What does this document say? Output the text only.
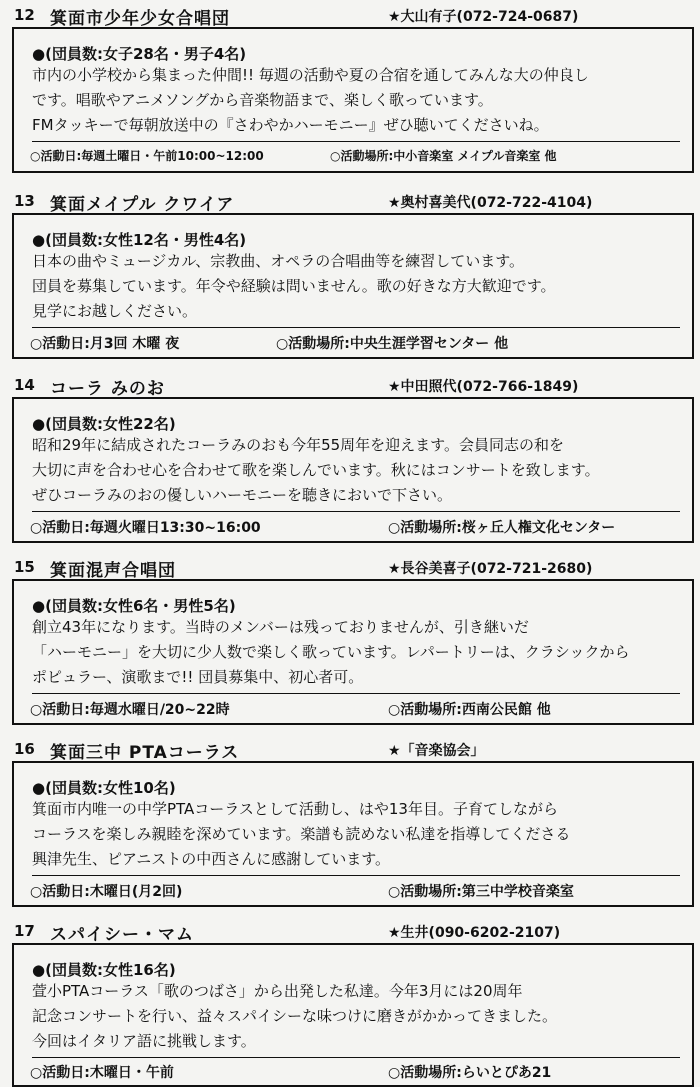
12 箕面市少年少女合唱団	★大山有子(072-724-0687)
●(団員数:女子28名・男子4名)
市内の小学校から集まった仲間!! 毎週の活動や夏の合宿を通してみんな大の仲良し
です。唱歌やアニメソングから音楽物語まで、楽しく歌っています。
FMタッキーで毎朝放送中の『さわやかハーモニー』ぜひ聴いてくださいね。
○活動日:毎週土曜日・午前10:00~12:00	○活動場所:中小音楽室 メイプル音楽室 他
13 箕面メイプル クワイア	★奥村喜美代(072-722-4104)
●(団員数:女性12名・男性4名)
日本の曲やミュージカル、宗教曲、オペラの合唱曲等を練習しています。
団員を募集しています。年令や経験は問いません。歌の好きな方大歓迎です。
見学にお越しください。
○活動日:月3回 木曜 夜	○活動場所:中央生涯学習センター 他
14 コーラ みのお	★中田照代(072-766-1849)
●(団員数:女性22名)
昭和29年に結成されたコーラみのおも今年55周年を迎えます。会員同志の和を
大切に声を合わせ心を合わせて歌を楽しんでいます。秋にはコンサートを致します。
ぜひコーラみのおの優しいハーモニーを聴きにおいで下さい。
○活動日:毎週火曜日13:30~16:00	○活動場所:桜ヶ丘人権文化センター
15 箕面混声合唱団	★長谷美喜子(072-721-2680)
●(団員数:女性6名・男性5名)
創立43年になります。当時のメンバーは残っておりませんが、引き継いだ
「ハーモニー」を大切に少人数で楽しく歌っています。レパートリーは、クラシックから
ポピュラー、演歌まで!! 団員募集中、初心者可。
○活動日:毎週水曜日/20~22時	○活動場所:西南公民館 他
16 箕面三中 PTAコーラス	★「音楽協会」
●(団員数:女性10名)
箕面市内唯一の中学PTAコーラスとして活動し、はや13年目。子育てしながら
コーラスを楽しみ親睦を深めています。楽譜も読めない私達を指導してくださる
興津先生、ピアニストの中西さんに感謝しています。
○活動日:木曜日(月2回)	○活動場所:第三中学校音楽室
17 スパイシー・マム	★生井(090-6202-2107)
●(団員数:女性16名)
萱小PTAコーラス「歌のつばさ」から出発した私達。今年3月には20周年
記念コンサートを行い、益々スパイシーな味つけに磨きがかかってきました。
今回はイタリア語に挑戦します。
○活動日:木曜日・午前	○活動場所:らいとぴあ21
